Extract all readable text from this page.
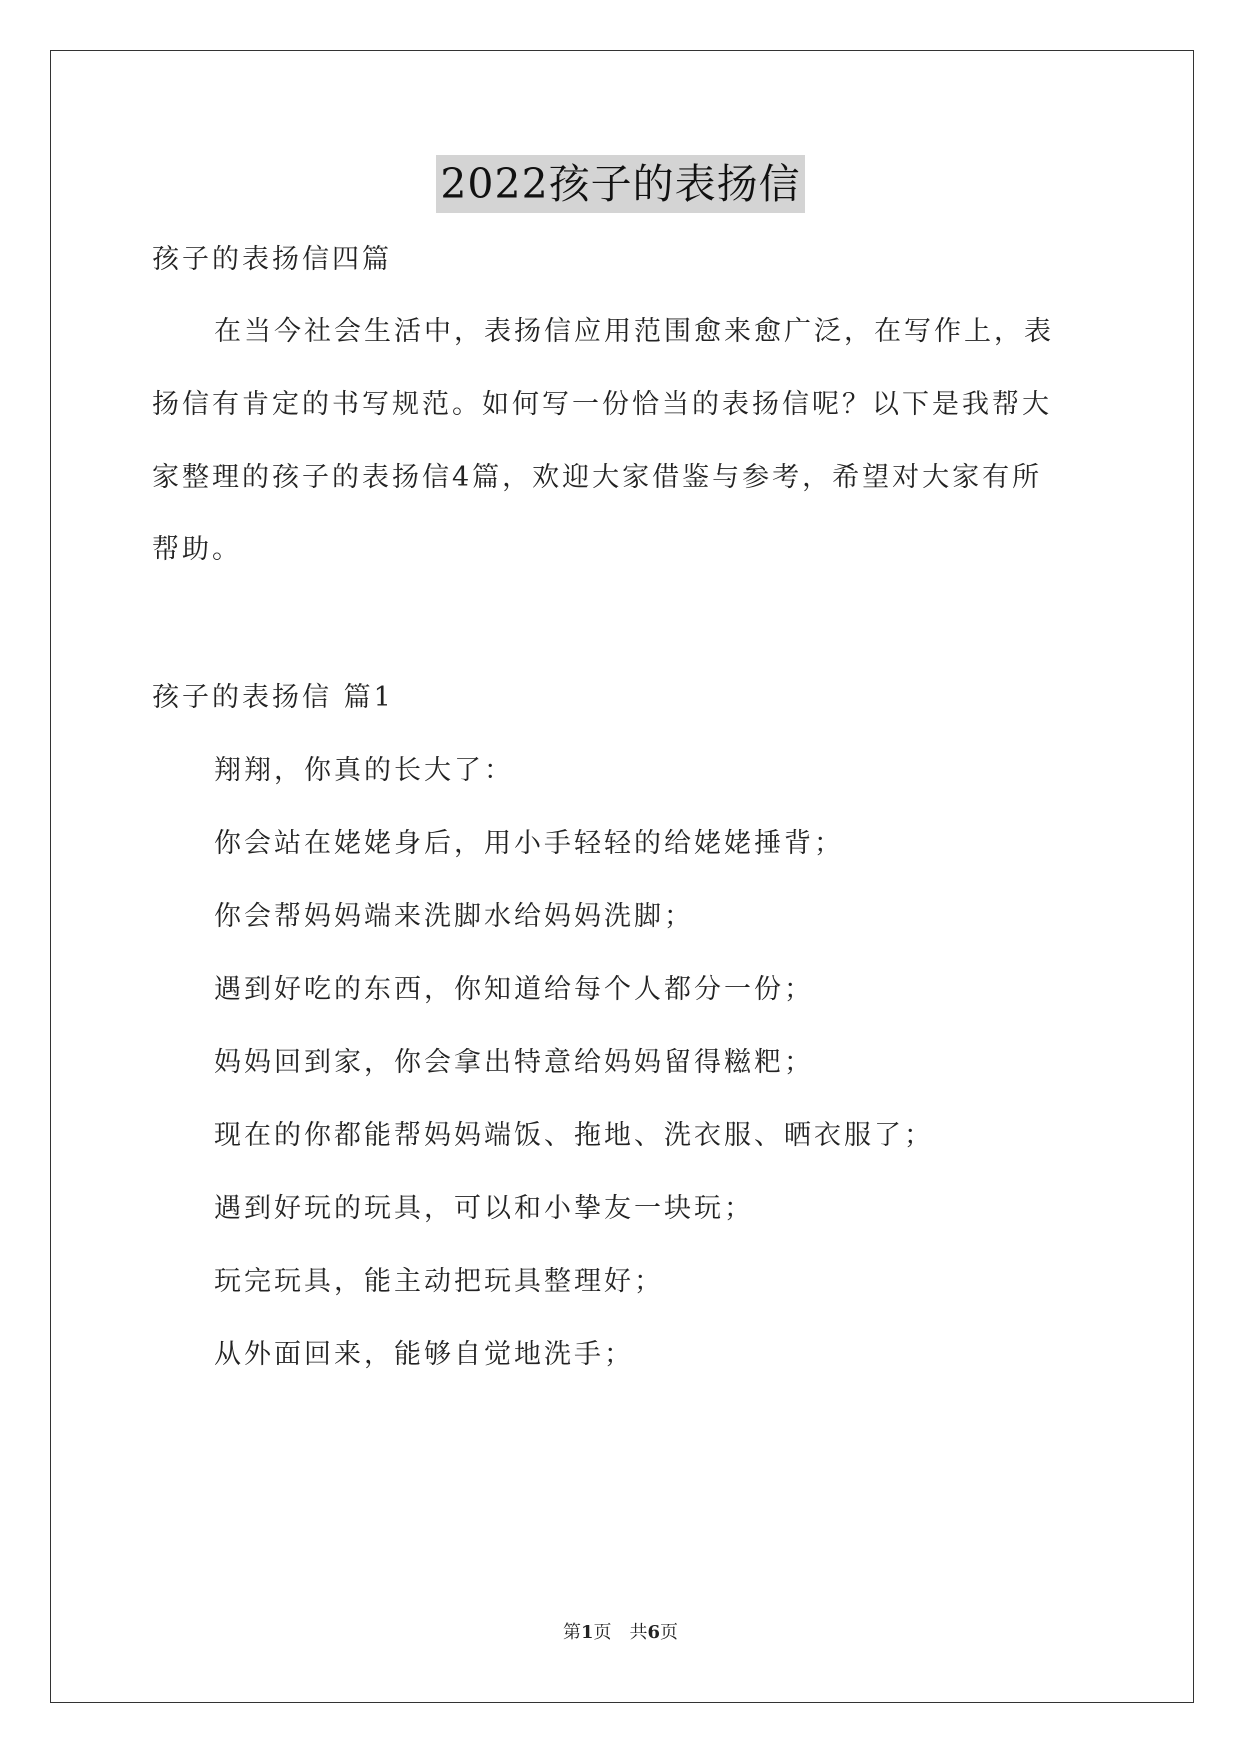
2022孩子的表扬信
孩子的表扬信四篇
在当今社会生活中，表扬信应用范围愈来愈广泛，在写作上，表
扬信有肯定的书写规范。如何写一份恰当的表扬信呢？以下是我帮大
家整理的孩子的表扬信4篇，欢迎大家借鉴与参考，希望对大家有所
帮助。
孩子的表扬信 篇1
翔翔，你真的长大了：
你会站在姥姥身后，用小手轻轻的给姥姥捶背；
你会帮妈妈端来洗脚水给妈妈洗脚；
遇到好吃的东西，你知道给每个人都分一份；
妈妈回到家，你会拿出特意给妈妈留得糍粑；
现在的你都能帮妈妈端饭、拖地、洗衣服、晒衣服了；
遇到好玩的玩具，可以和小挚友一块玩；
玩完玩具，能主动把玩具整理好；
从外面回来，能够自觉地洗手；
第1页　共6页
